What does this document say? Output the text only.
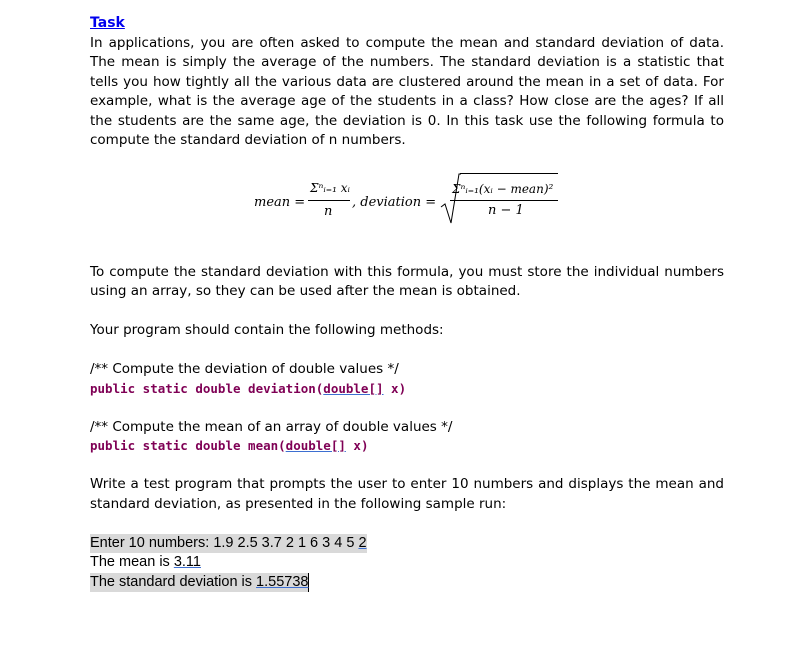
Task

In applications, you are often asked to compute the mean and standard deviation of data. The mean is simply the average of the numbers. The standard deviation is a statistic that tells you how tightly all the various data are clustered around the mean in a set of data. For example, what is the average age of the students in a class? How close are the ages? If all the students are the same age, the deviation is 0. In this task use the following formula to compute the standard deviation of n numbers.

mean =
Σⁿᵢ₌₁ xᵢ
n
, deviation =
Σⁿᵢ₌₁(xᵢ − mean)²
n − 1

To compute the standard deviation with this formula, you must store the individual numbers using an array, so they can be used after the mean is obtained.

Your program should contain the following methods:

/** Compute the deviation of double values */

public static double deviation(double[] x)

/** Compute the mean of an array of double values */

public static double mean(double[] x)

Write a test program that prompts the user to enter 10 numbers and displays the mean and standard deviation, as presented in the following sample run:

Enter 10 numbers: 1.9 2.5 3.7 2 1 6 3 4 5 2
The mean is 3.11
The standard deviation is 1.55738
